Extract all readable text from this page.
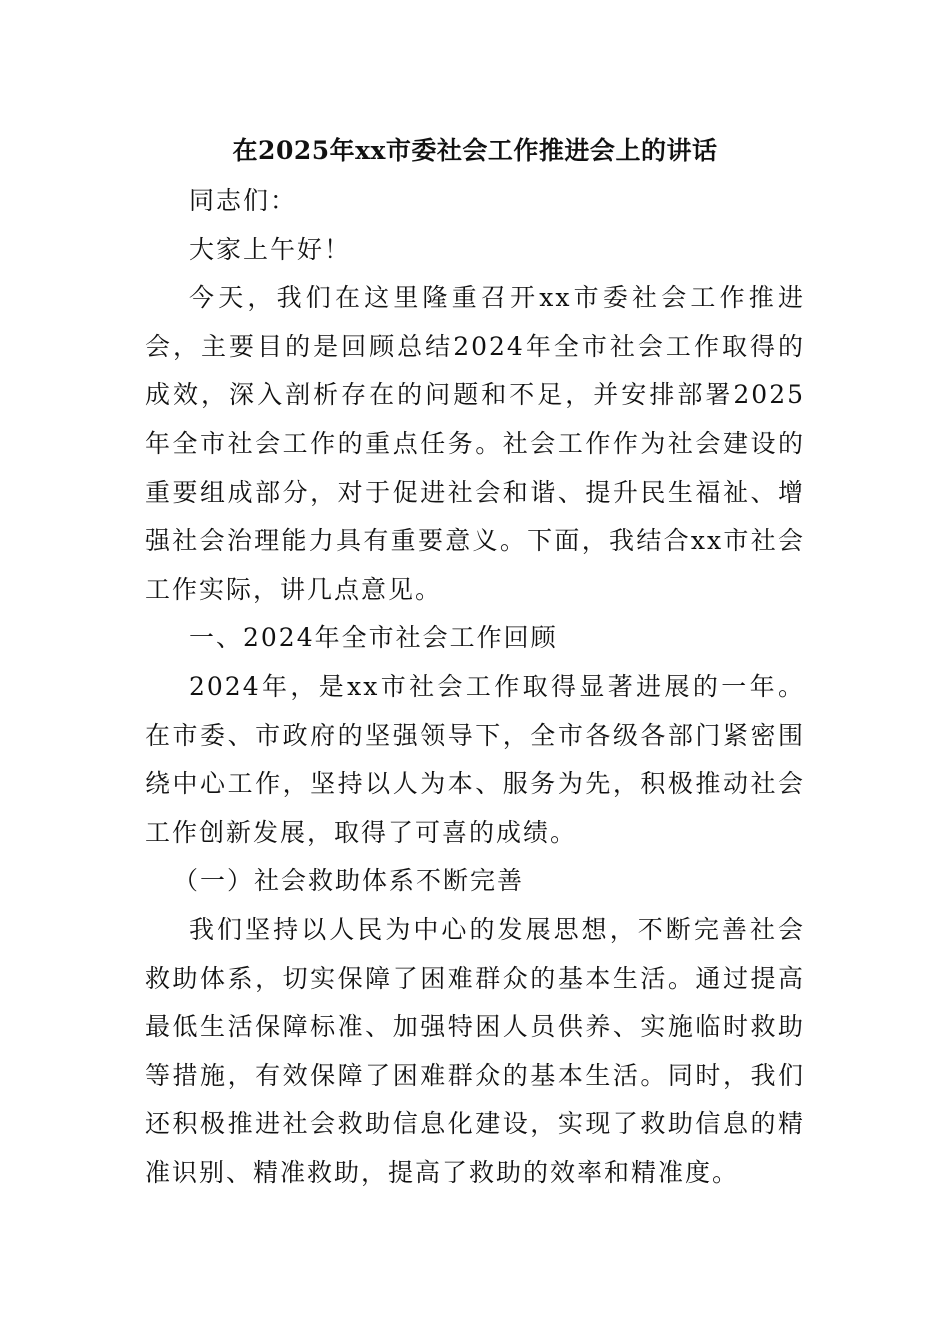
在2025年xx市委社会工作推进会上的讲话

同志们：

大家上午好！

今天，我们在这里隆重召开xx市委社会工作推进会，主要目的是回顾总结2024年全市社会工作取得的成效，深入剖析存在的问题和不足，并安排部署2025年全市社会工作的重点任务。社会工作作为社会建设的重要组成部分，对于促进社会和谐、提升民生福祉、增强社会治理能力具有重要意义。下面，我结合xx市社会工作实际，讲几点意见。

一、2024年全市社会工作回顾

2024年，是xx市社会工作取得显著进展的一年。在市委、市政府的坚强领导下，全市各级各部门紧密围绕中心工作，坚持以人为本、服务为先，积极推动社会工作创新发展，取得了可喜的成绩。

（一）社会救助体系不断完善

我们坚持以人民为中心的发展思想，不断完善社会救助体系，切实保障了困难群众的基本生活。通过提高最低生活保障标准、加强特困人员供养、实施临时救助等措施，有效保障了困难群众的基本生活。同时，我们还积极推进社会救助信息化建设，实现了救助信息的精准识别、精准救助，提高了救助的效率和精准度。
